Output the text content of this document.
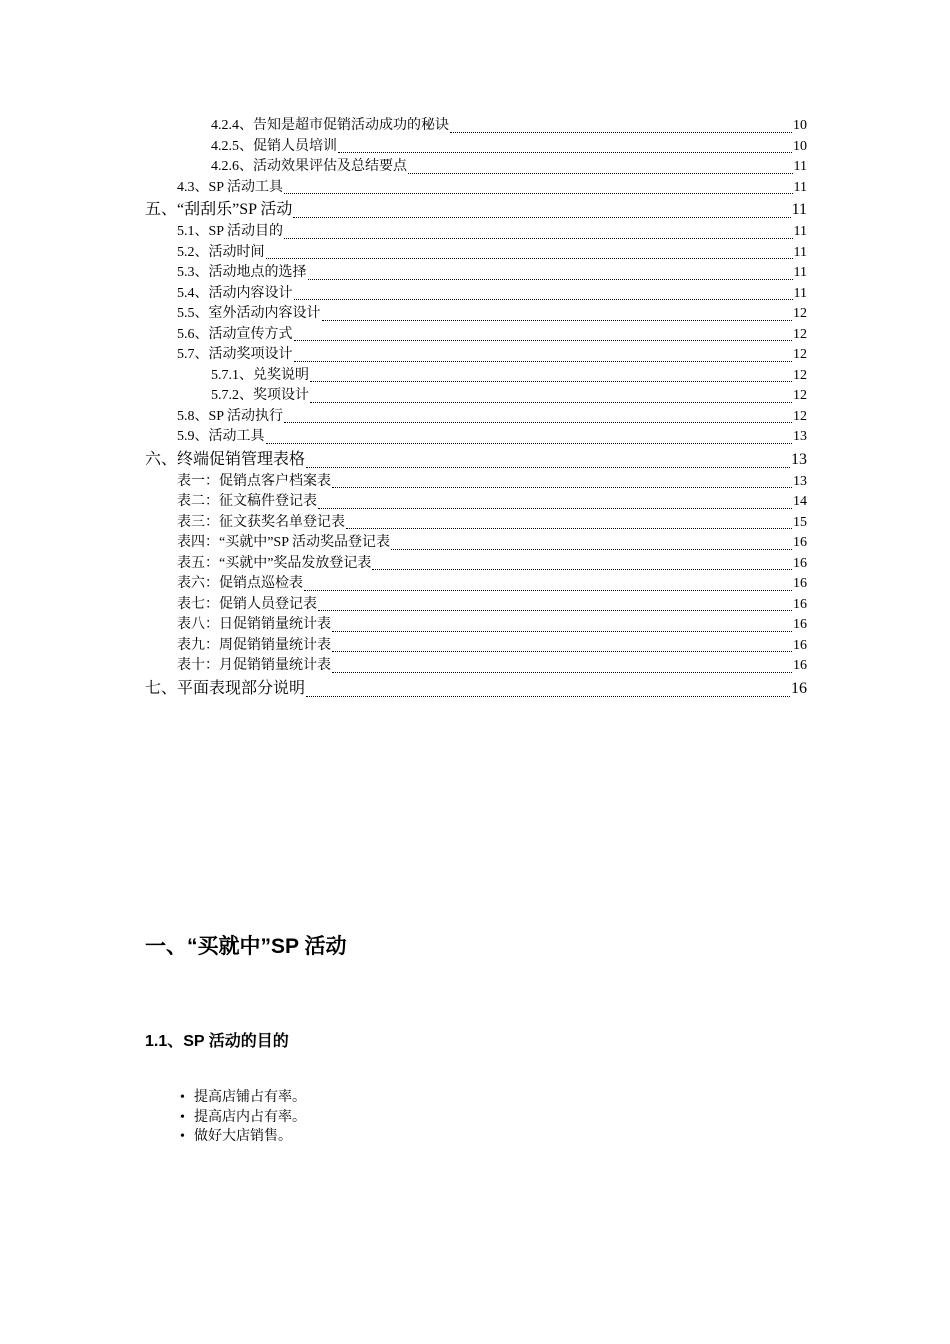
4.2.4、告知是超市促销活动成功的秘诀	10
4.2.5、促销人员培训	10
4.2.6、活动效果评估及总结要点	11
4.3、SP 活动工具	11
五、“刮刮乐”SP 活动	11
5.1、SP 活动目的	11
5.2、活动时间	11
5.3、活动地点的选择	11
5.4、活动内容设计	11
5.5、室外活动内容设计	12
5.6、活动宣传方式	12
5.7、活动奖项设计	12
5.7.1、兑奖说明	12
5.7.2、奖项设计	12
5.8、SP 活动执行	12
5.9、活动工具	13
六、终端促销管理表格	13
表一：促销点客户档案表	13
表二：征文稿件登记表	14
表三：征文获奖名单登记表	15
表四：“买就中”SP 活动奖品登记表	16
表五：“买就中”奖品发放登记表	16
表六：促销点巡检表	16
表七：促销人员登记表	16
表八：日促销销量统计表	16
表九：周促销销量统计表	16
表十：月促销销量统计表	16
七、平面表现部分说明	16
一、“买就中”SP 活动
1.1、SP 活动的目的
• 提高店铺占有率。
• 提高店内占有率。
• 做好大店销售。
